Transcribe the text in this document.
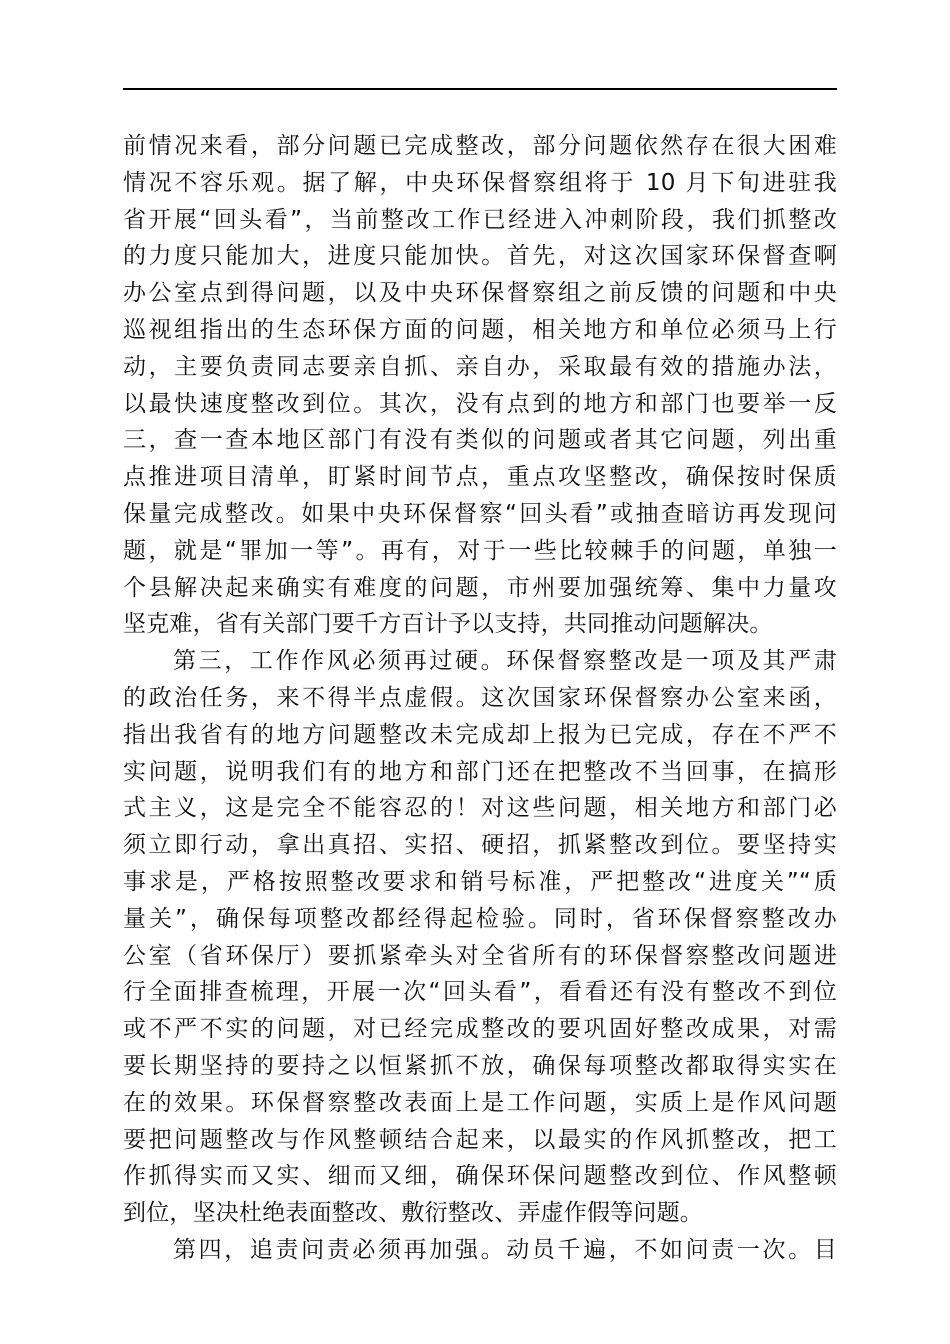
前情况来看，部分问题已完成整改，部分问题依然存在很大困难
情况不容乐观。据了解，中央环保督察组将于 10 月下旬进驻我
省开展“回头看”，当前整改工作已经进入冲刺阶段，我们抓整改
的力度只能加大，进度只能加快。首先，对这次国家环保督查啊
办公室点到得问题，以及中央环保督察组之前反馈的问题和中央
巡视组指出的生态环保方面的问题，相关地方和单位必须马上行
动，主要负责同志要亲自抓、亲自办，采取最有效的措施办法，
以最快速度整改到位。其次，没有点到的地方和部门也要举一反
三，查一查本地区部门有没有类似的问题或者其它问题，列出重
点推进项目清单，盯紧时间节点，重点攻坚整改，确保按时保质
保量完成整改。如果中央环保督察“回头看”或抽查暗访再发现问
题，就是“罪加一等”。再有，对于一些比较棘手的问题，单独一
个县解决起来确实有难度的问题，市州要加强统筹、集中力量攻
坚克难，省有关部门要千方百计予以支持，共同推动问题解决。
第三，工作作风必须再过硬。环保督察整改是一项及其严肃
的政治任务，来不得半点虚假。这次国家环保督察办公室来函，
指出我省有的地方问题整改未完成却上报为已完成，存在不严不
实问题，说明我们有的地方和部门还在把整改不当回事，在搞形
式主义，这是完全不能容忍的！对这些问题，相关地方和部门必
须立即行动，拿出真招、实招、硬招，抓紧整改到位。要坚持实
事求是，严格按照整改要求和销号标准，严把整改“进度关”“质
量关”，确保每项整改都经得起检验。同时，省环保督察整改办
公室（省环保厅）要抓紧牵头对全省所有的环保督察整改问题进
行全面排查梳理，开展一次“回头看”，看看还有没有整改不到位
或不严不实的问题，对已经完成整改的要巩固好整改成果，对需
要长期坚持的要持之以恒紧抓不放，确保每项整改都取得实实在
在的效果。环保督察整改表面上是工作问题，实质上是作风问题
要把问题整改与作风整顿结合起来，以最实的作风抓整改，把工
作抓得实而又实、细而又细，确保环保问题整改到位、作风整顿
到位，坚决杜绝表面整改、敷衍整改、弄虚作假等问题。
第四，追责问责必须再加强。动员千遍，不如问责一次。目
